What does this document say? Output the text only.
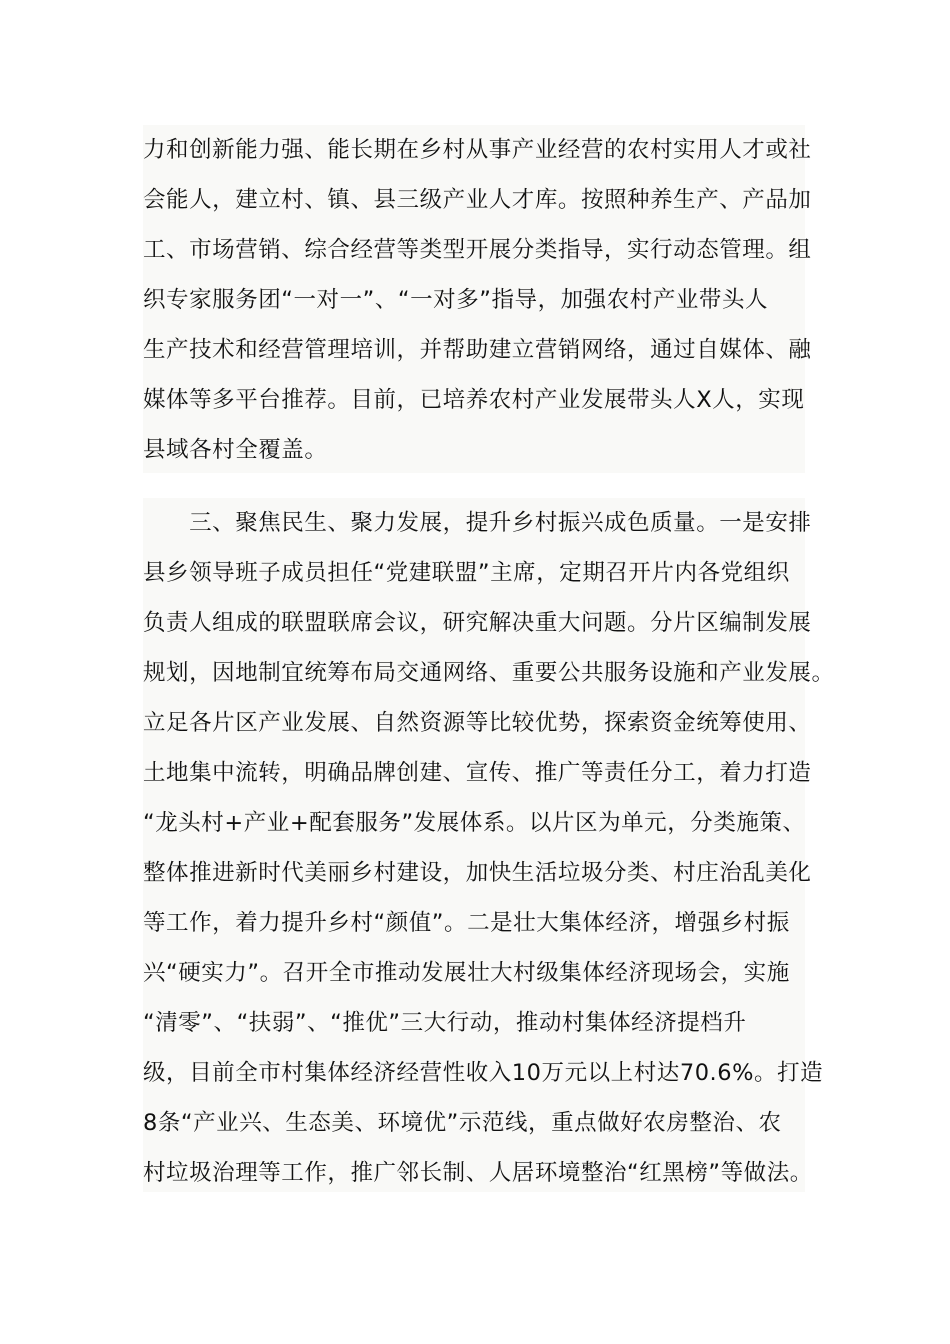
力和创新能力强、能长期在乡村从事产业经营的农村实用人才或社
会能人，建立村、镇、县三级产业人才库。按照种养生产、产品加
工、市场营销、综合经营等类型开展分类指导，实行动态管理。组
织专家服务团“一对一”、“一对多”指导，加强农村产业带头人
生产技术和经营管理培训，并帮助建立营销网络，通过自媒体、融
媒体等多平台推荐。目前，已培养农村产业发展带头人X人，实现
县域各村全覆盖。
　　三、聚焦民生、聚力发展，提升乡村振兴成色质量。一是安排
县乡领导班子成员担任“党建联盟”主席，定期召开片内各党组织
负责人组成的联盟联席会议，研究解决重大问题。分片区编制发展
规划，因地制宜统筹布局交通网络、重要公共服务设施和产业发展。
立足各片区产业发展、自然资源等比较优势，探索资金统筹使用、
土地集中流转，明确品牌创建、宣传、推广等责任分工，着力打造
“龙头村+产业+配套服务”发展体系。以片区为单元，分类施策、
整体推进新时代美丽乡村建设，加快生活垃圾分类、村庄治乱美化
等工作，着力提升乡村“颜值”。二是壮大集体经济，增强乡村振
兴“硬实力”。召开全市推动发展壮大村级集体经济现场会，实施
“清零”、“扶弱”、“推优”三大行动，推动村集体经济提档升
级，目前全市村集体经济经营性收入10万元以上村达70.6%。打造
8条“产业兴、生态美、环境优”示范线，重点做好农房整治、农
村垃圾治理等工作，推广邻长制、人居环境整治“红黑榜”等做法。
